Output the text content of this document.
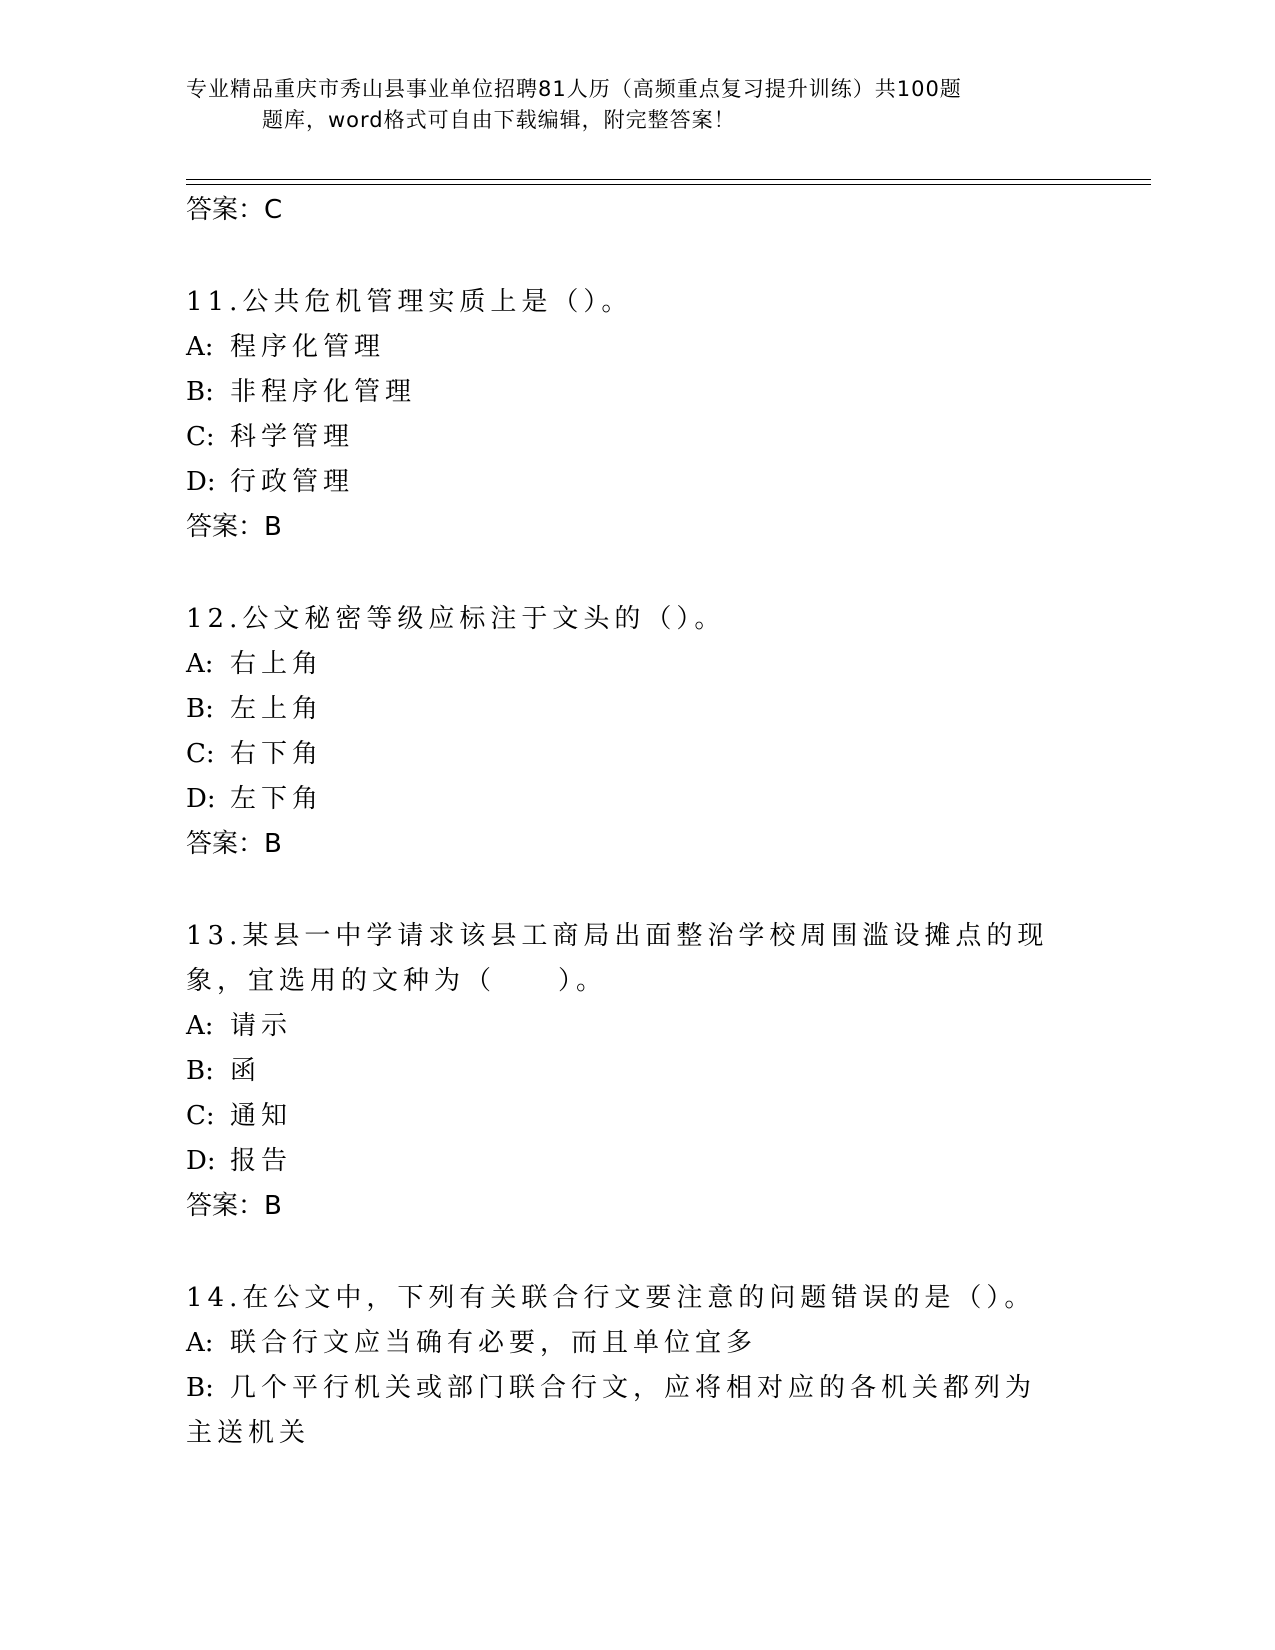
专业精品重庆市秀山县事业单位招聘81人历（高频重点复习提升训练）共100题
题库，word格式可自由下载编辑，附完整答案！
答案：C
11.公共危机管理实质上是（）。
A: 程序化管理
B: 非程序化管理
C: 科学管理
D: 行政管理
答案：B
12.公文秘密等级应标注于文头的（）。
A: 右上角
B: 左上角
C: 右下角
D: 左下角
答案：B
13.某县一中学请求该县工商局出面整治学校周围滥设摊点的现象，宜选用的文种为（　　）。
A: 请示
B: 函
C: 通知
D: 报告
答案：B
14.在公文中，下列有关联合行文要注意的问题错误的是（）。
A: 联合行文应当确有必要，而且单位宜多
B: 几个平行机关或部门联合行文，应将相对应的各机关都列为主送机关
